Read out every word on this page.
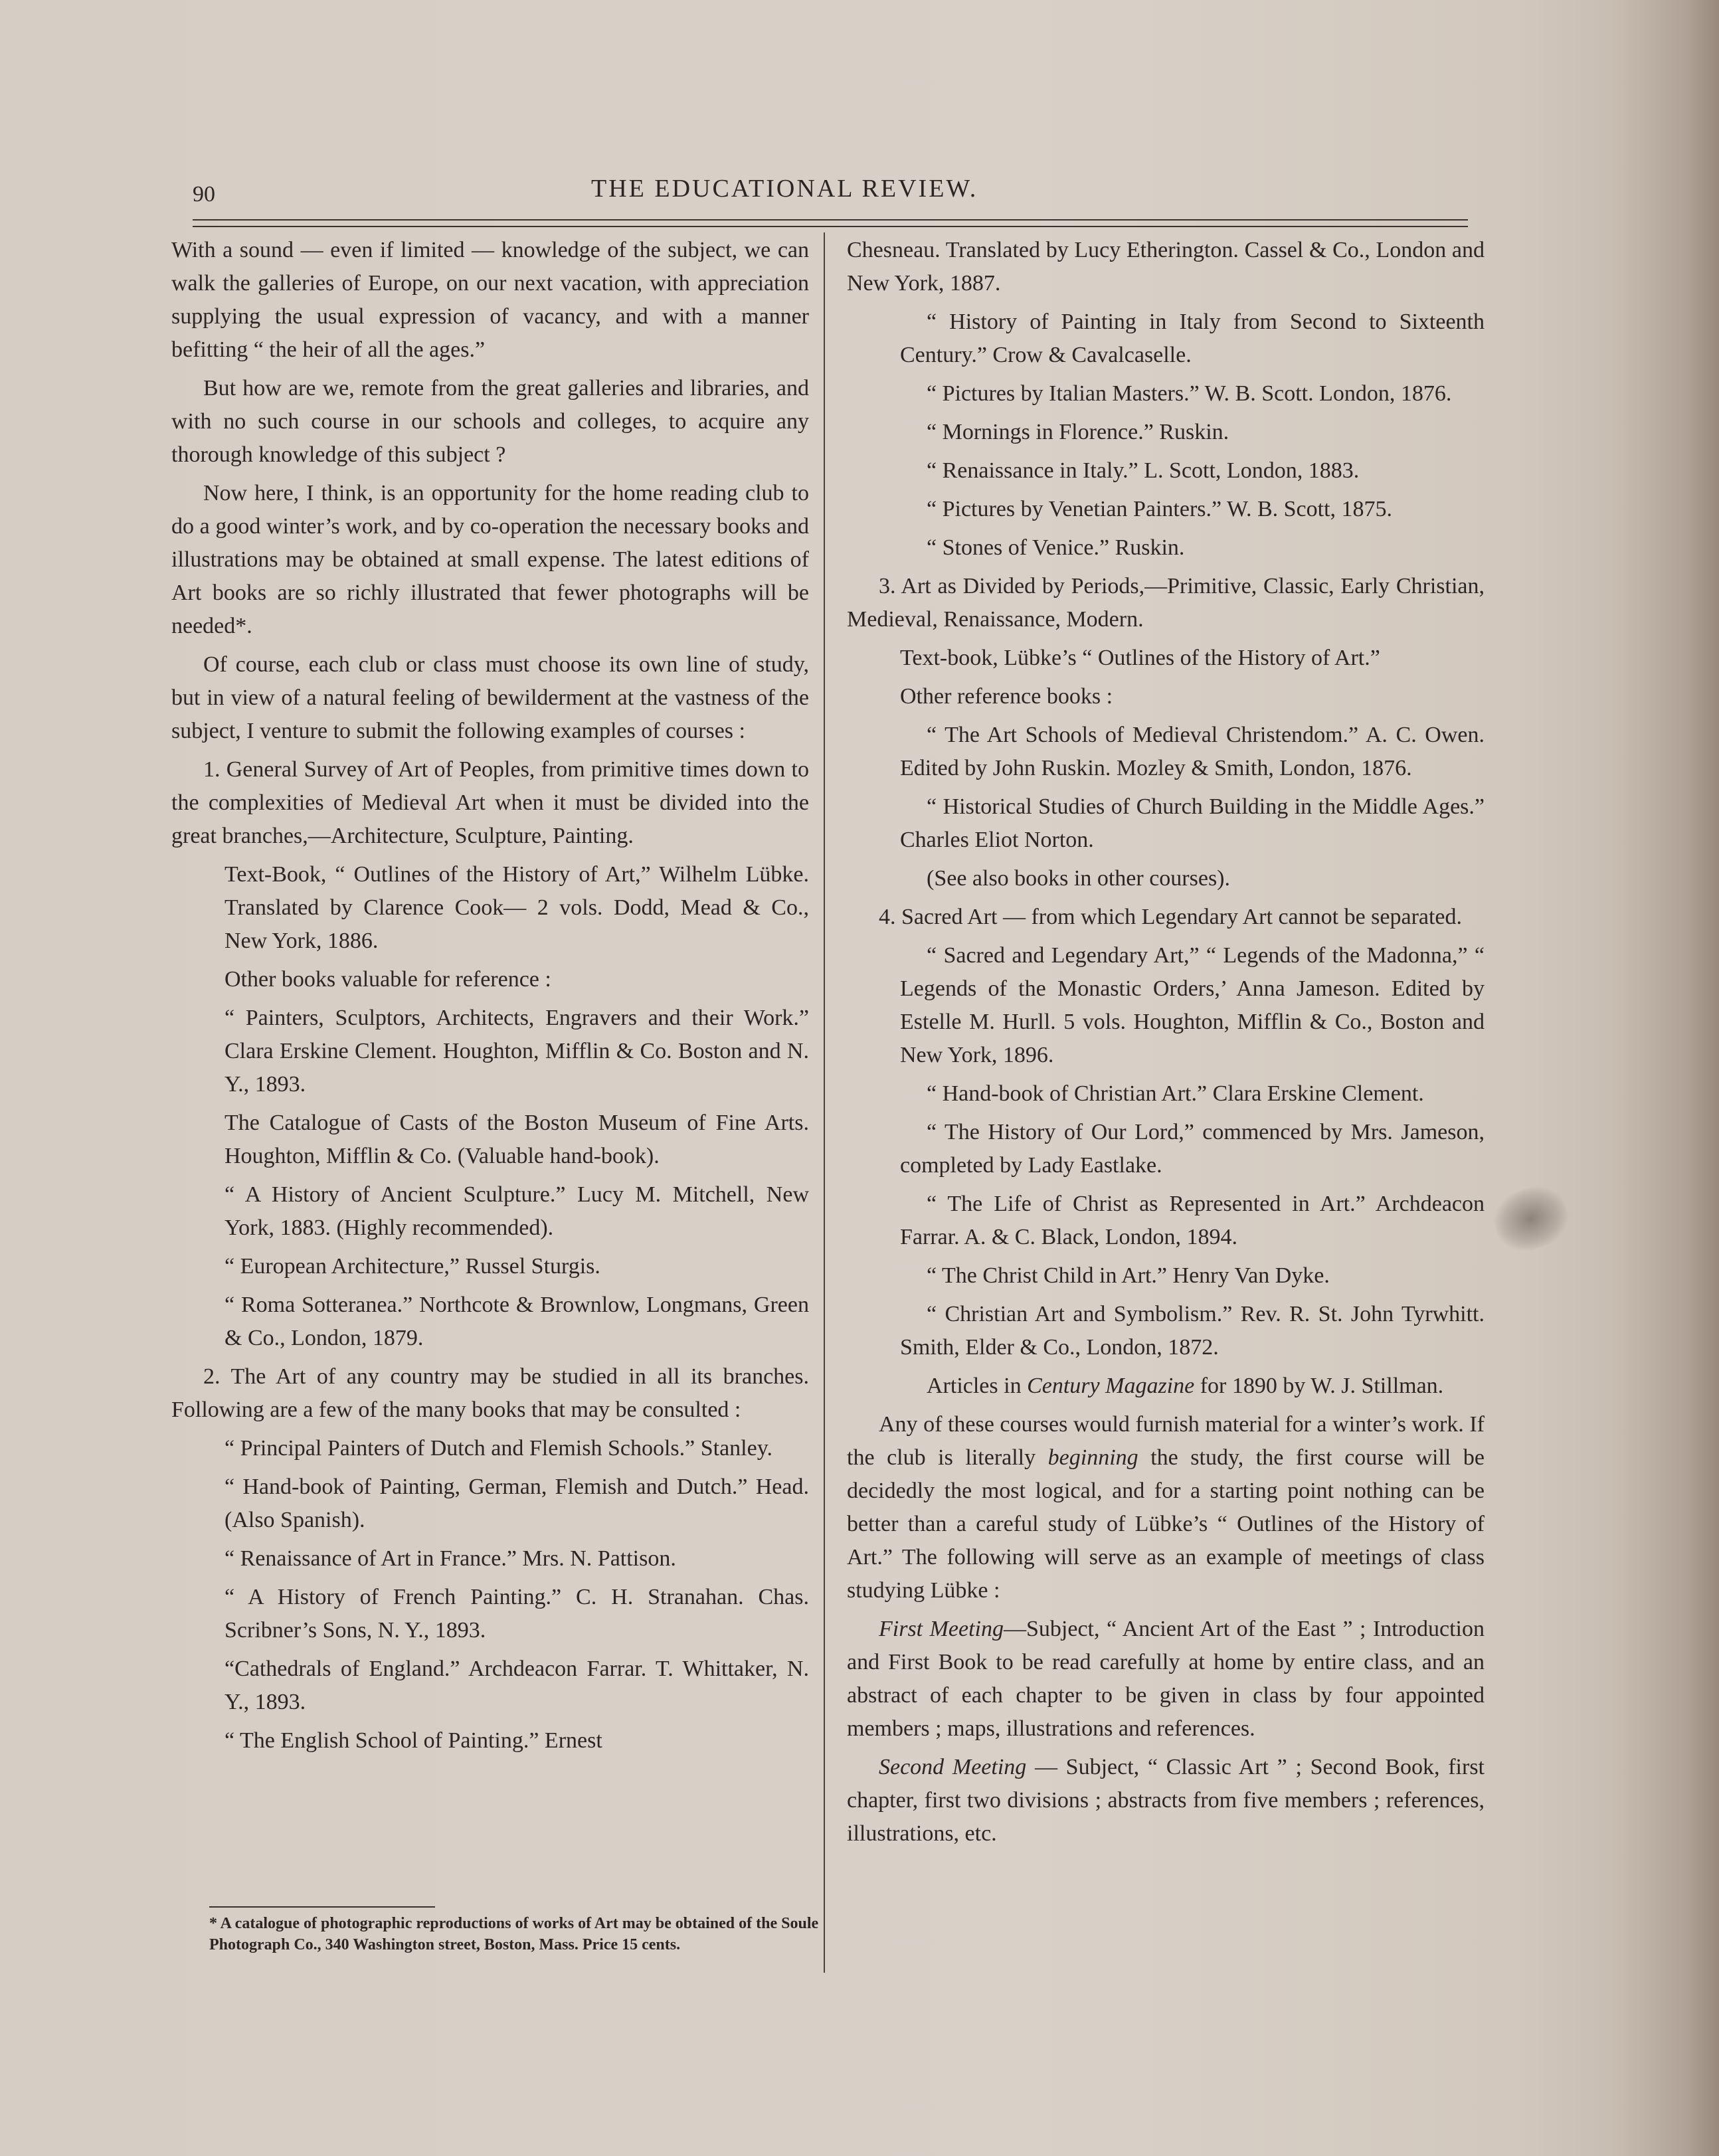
90	THE EDUCATIONAL REVIEW.

With a sound — even if limited — knowledge of the subject, we can walk the galleries of Europe, on our next vacation, with appreciation supplying the usual expression of vacancy, and with a manner befitting “ the heir of all the ages.”

But how are we, remote from the great galleries and libraries, and with no such course in our schools and colleges, to acquire any thorough knowledge of this subject ?

Now here, I think, is an opportunity for the home reading club to do a good winter’s work, and by co-operation the necessary books and illustrations may be obtained at small expense. The latest editions of Art books are so richly illustrated that fewer photographs will be needed*.

Of course, each club or class must choose its own line of study, but in view of a natural feeling of bewilderment at the vastness of the subject, I venture to submit the following examples of courses :

1. General Survey of Art of Peoples, from primitive times down to the complexities of Medieval Art when it must be divided into the great branches,—Architecture, Sculpture, Painting.

Text-Book, “ Outlines of the History of Art,” Wilhelm Lübke. Translated by Clarence Cook— 2 vols. Dodd, Mead & Co., New York, 1886.

Other books valuable for reference :

“ Painters, Sculptors, Architects, Engravers and their Work.” Clara Erskine Clement. Houghton, Mifflin & Co. Boston and N. Y., 1893.

The Catalogue of Casts of the Boston Museum of Fine Arts. Houghton, Mifflin & Co. (Valuable hand-book).

“ A History of Ancient Sculpture.” Lucy M. Mitchell, New York, 1883. (Highly recommended).

“ European Architecture,” Russel Sturgis.

“ Roma Sotteranea.” Northcote & Brownlow, Longmans, Green & Co., London, 1879.

2. The Art of any country may be studied in all its branches. Following are a few of the many books that may be consulted :

“ Principal Painters of Dutch and Flemish Schools.” Stanley.

“ Hand-book of Painting, German, Flemish and Dutch.” Head. (Also Spanish).

“ Renaissance of Art in France.” Mrs. N. Pattison.

“ A History of French Painting.” C. H. Stranahan. Chas. Scribner’s Sons, N. Y., 1893.

“Cathedrals of England.” Archdeacon Farrar. T. Whittaker, N. Y., 1893.

“ The English School of Painting.” Ernest

Chesneau. Translated by Lucy Etherington. Cassel & Co., London and New York, 1887.

“ History of Painting in Italy from Second to Sixteenth Century.” Crow & Cavalcaselle.

“ Pictures by Italian Masters.” W. B. Scott. London, 1876.

“ Mornings in Florence.” Ruskin.

“ Renaissance in Italy.” L. Scott, London, 1883.

“ Pictures by Venetian Painters.” W. B. Scott, 1875.

“ Stones of Venice.” Ruskin.

3. Art as Divided by Periods,—Primitive, Classic, Early Christian, Medieval, Renaissance, Modern.

Text-book, Lübke’s “ Outlines of the History of Art.”

Other reference books :

“ The Art Schools of Medieval Christendom.” A. C. Owen. Edited by John Ruskin. Mozley & Smith, London, 1876.

“ Historical Studies of Church Building in the Middle Ages.” Charles Eliot Norton.

(See also books in other courses).

4. Sacred Art — from which Legendary Art cannot be separated.

“ Sacred and Legendary Art,” “ Legends of the Madonna,” “ Legends of the Monastic Orders,’ Anna Jameson. Edited by Estelle M. Hurll. 5 vols. Houghton, Mifflin & Co., Boston and New York, 1896.

“ Hand-book of Christian Art.” Clara Erskine Clement.

“ The History of Our Lord,” commenced by Mrs. Jameson, completed by Lady Eastlake.

“ The Life of Christ as Represented in Art.” Archdeacon Farrar. A. & C. Black, London, 1894.

“ The Christ Child in Art.” Henry Van Dyke.

“ Christian Art and Symbolism.” Rev. R. St. John Tyrwhitt. Smith, Elder & Co., London, 1872.

Articles in Century Magazine for 1890 by W. J. Stillman.

Any of these courses would furnish material for a winter’s work. If the club is literally beginning the study, the first course will be decidedly the most logical, and for a starting point nothing can be better than a careful study of Lübke’s “ Outlines of the History of Art.” The following will serve as an example of meetings of class studying Lübke :

First Meeting—Subject, “ Ancient Art of the East ” ; Introduction and First Book to be read carefully at home by entire class, and an abstract of each chapter to be given in class by four appointed members ; maps, illustrations and references.

Second Meeting — Subject, “ Classic Art ” ; Second Book, first chapter, first two divisions ; abstracts from five members ; references, illustrations, etc.

* A catalogue of photographic reproductions of works of Art may be obtained of the Soule Photograph Co., 340 Washington street, Boston, Mass. Price 15 cents.
